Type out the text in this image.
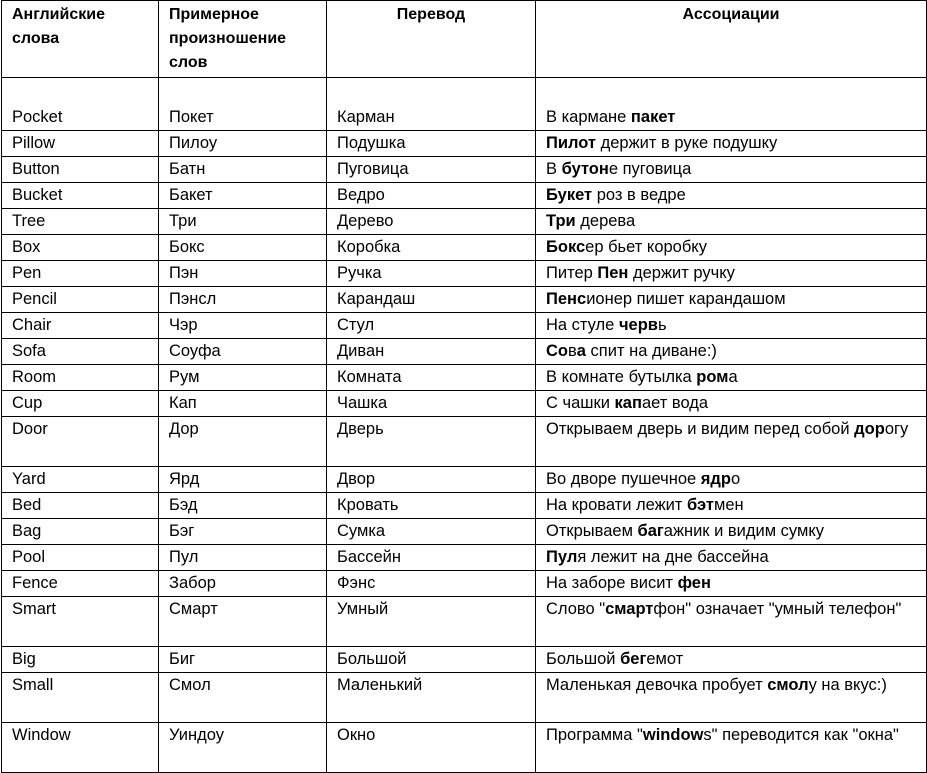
Английские слова	Примерное произношение слов	Перевод	Ассоциации
Pocket	Покет	Карман	В кармане пакет
Pillow	Пилоу	Подушка	Пилот держит в руке подушку
Button	Батн	Пуговица	В бутоне пуговица
Bucket	Бакет	Ведро	Букет роз в ведре
Tree	Три	Дерево	Три дерева
Box	Бокс	Коробка	Боксер бьет коробку
Pen	Пэн	Ручка	Питер Пен держит ручку
Pencil	Пэнсл	Карандаш	Пенсионер пишет карандашом
Chair	Чэр	Стул	На стуле червь
Sofa	Соуфа	Диван	Сова спит на диване:)
Room	Рум	Комната	В комнате бутылка рома
Cup	Кап	Чашка	С чашки капает вода
Door	Дор	Дверь	Открываем дверь и видим перед собой дорогу
Yard	Ярд	Двор	Во дворе пушечное ядро
Bed	Бэд	Кровать	На кровати лежит бэтмен
Bag	Бэг	Сумка	Открываем багажник и видим сумку
Pool	Пул	Бассейн	Пуля лежит на дне бассейна
Fence	Забор	Фэнс	На заборе висит фен
Smart	Смарт	Умный	Слово "смартфон" означает "умный телефон"
Big	Биг	Большой	Большой бегемот
Small	Смол	Маленький	Маленькая девочка пробует смолу на вкус:)
Window	Уиндоу	Окно	Программа "windows" переводится как "окна"
